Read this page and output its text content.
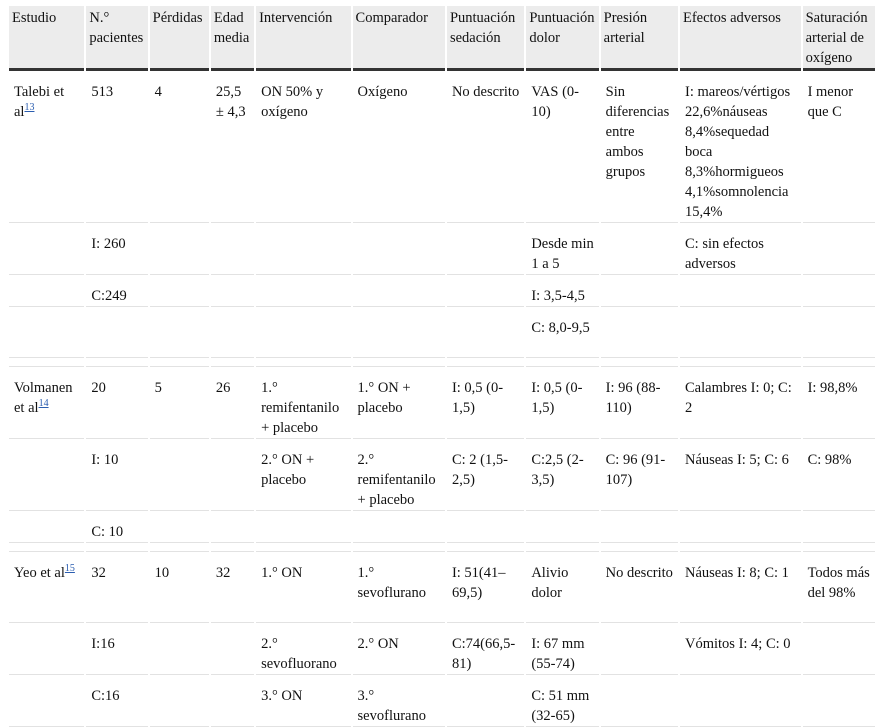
Estudio	N.° pacientes	Pérdidas	Edad media	Intervención	Comparador	Puntuación sedación	Puntuación dolor	Presión arterial	Efectos adversos	Saturación arterial de oxígeno
Talebi et al$^{13}$	513	4	25,5 ± 4,3	ON 50% y oxígeno	Oxígeno	No descrito	VAS (0-10)	Sin diferencias entre ambos grupos	I: mareos/vértigos 22,6%náuseas 8,4%sequedad boca 8,3%hormigueos 4,1%somnolencia 15,4%	I menor que C
	I: 260						Desde min 1 a 5		C: sin efectos adversos	
	C:249						I: 3,5-4,5			
							C: 8,0-9,5			

Volmanen et al$^{14}$	20	5	26	1.° remifentanilo + placebo	1.° ON + placebo	I: 0,5 (0-1,5)	I: 0,5 (0-1,5)	I: 96 (88-110)	Calambres I: 0; C: 2	I: 98,8%
	I: 10			2.° ON + placebo	2.° remifentanilo + placebo	C: 2 (1,5-2,5)	C:2,5 (2-3,5)	C: 96 (91-107)	Náuseas I: 5; C: 6	C: 98%
	C: 10									

Yeo et al$^{15}$	32	10	32	1.° ON	1.° sevoflurano	I: 51(41–69,5)	Alivio dolor	No descrito	Náuseas I: 8; C: 1	Todos más del 98%
	I:16			2.° sevofluorano	2.° ON	C:74(66,5-81)	I: 67 mm (55-74)		Vómitos I: 4; C: 0	
	C:16			3.° ON	3.° sevoflurano		C: 51 mm (32-65)			
